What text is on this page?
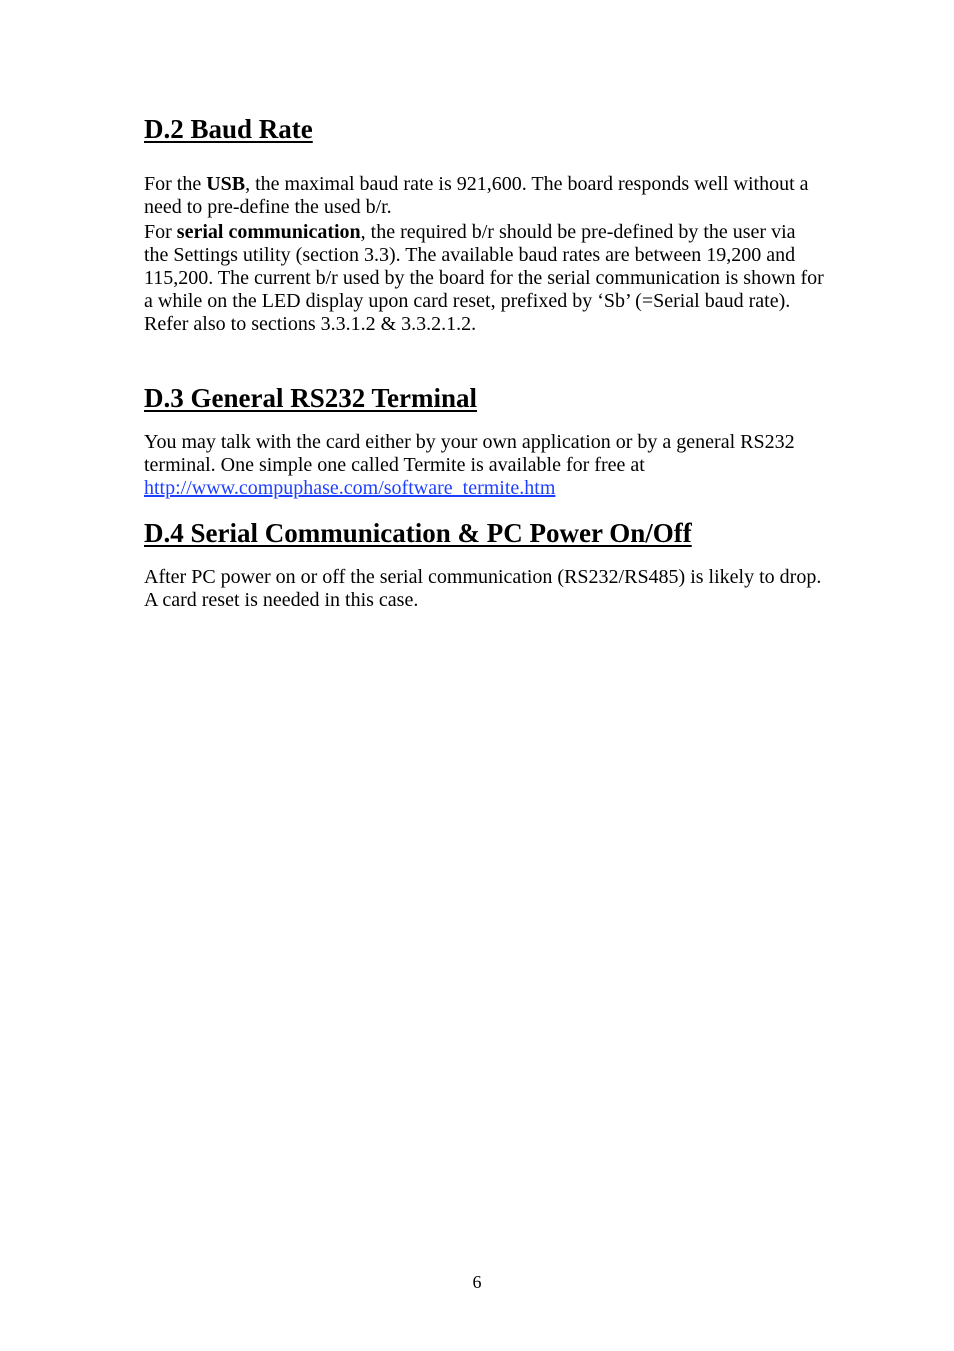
D.2 Baud Rate

For the USB, the maximal baud rate is 921,600. The board responds well without a need to pre-define the used b/r.

For serial communication, the required b/r should be pre-defined by the user via the Settings utility (section 3.3). The available baud rates are between 19,200 and 115,200. The current b/r used by the board for the serial communication is shown for a while on the LED display upon card reset, prefixed by ‘Sb’ (=Serial baud rate). Refer also to sections 3.3.1.2 & 3.3.2.1.2.

D.3 General RS232 Terminal

You may talk with the card either by your own application or by a general RS232 terminal. One simple one called Termite is available for free at http://www.compuphase.com/software_termite.htm

D.4 Serial Communication & PC Power On/Off

After PC power on or off the serial communication (RS232/RS485) is likely to drop. A card reset is needed in this case.

6
